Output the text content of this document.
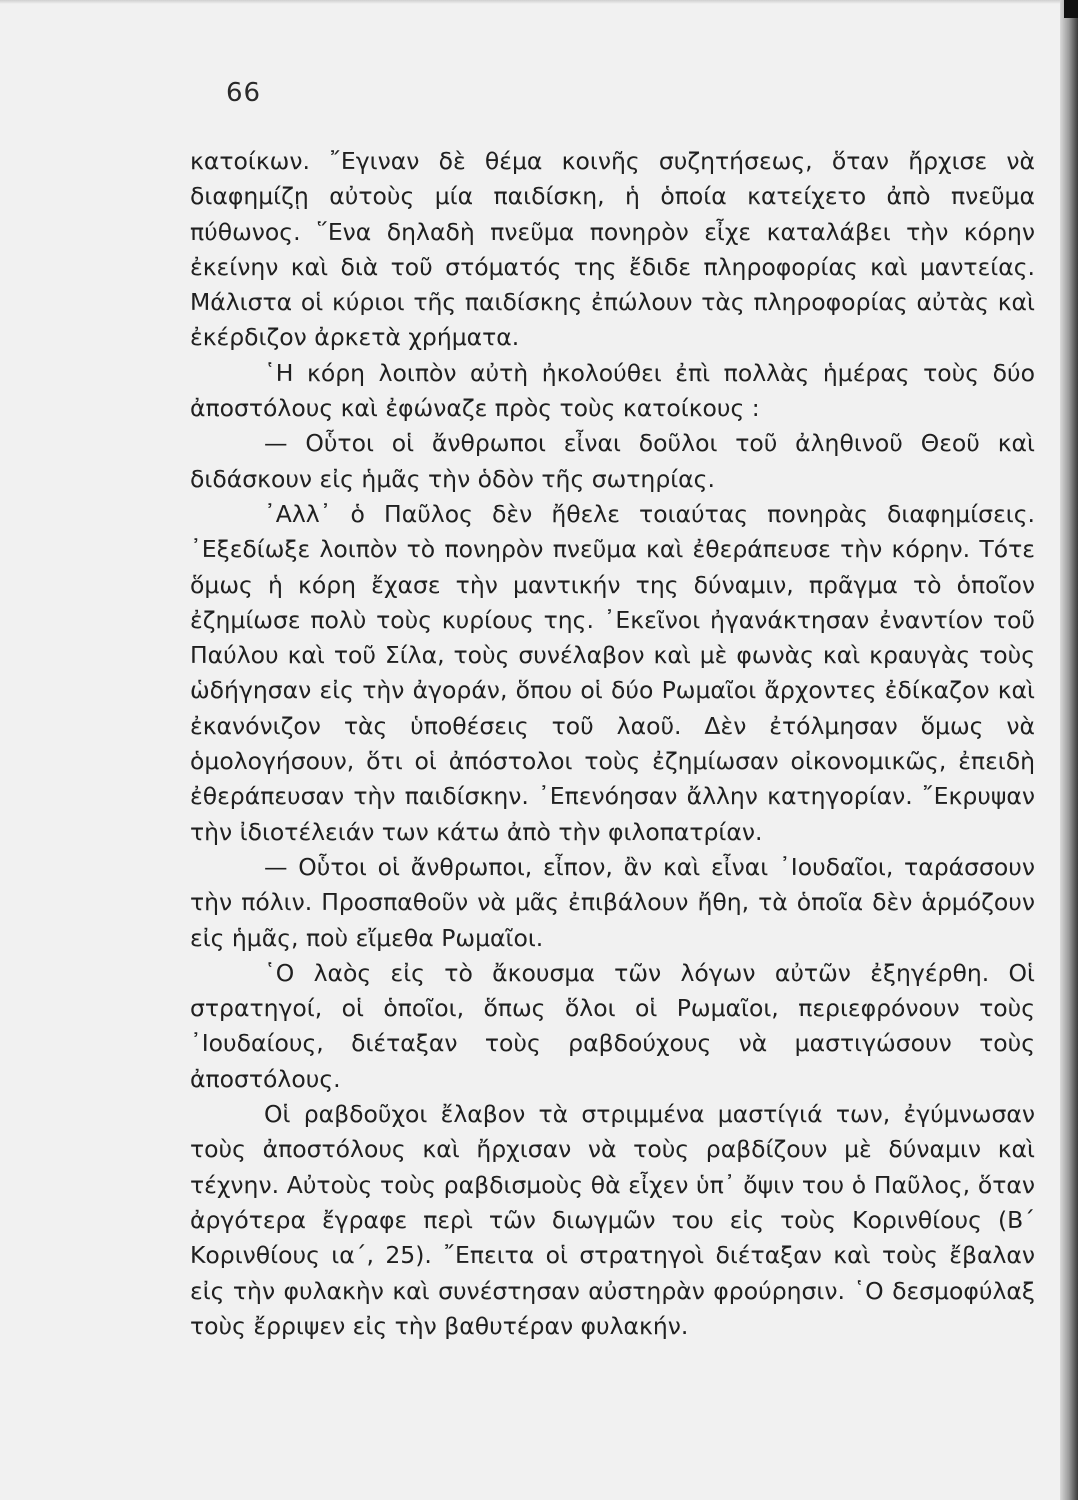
66

κατοίκων. ῎Εγιναν δὲ θέμα κοινῆς συζητήσεως, ὅταν ἤρχισε νὰ διαφημίζῃ αὐτοὺς μία παιδίσκη, ἡ ὁποία κατείχετο ἀπὸ πνεῦμα πύθωνος. ῞Ενα δηλαδὴ πνεῦμα πονηρὸν εἶχε καταλάβει τὴν κόρην ἐκείνην καὶ διὰ τοῦ στόματός της ἔδιδε πληροφορίας καὶ μαντείας. Μάλιστα οἱ κύριοι τῆς παιδίσκης ἐπώλουν τὰς πληροφορίας αὐτὰς καὶ ἐκέρδιζον ἀρκετὰ χρήματα.

῾Η κόρη λοιπὸν αὐτὴ ἠκολούθει ἐπὶ πολλὰς ἡμέρας τοὺς δύο ἀποστόλους καὶ ἐφώναζε πρὸς τοὺς κατοίκους :

— Οὗτοι οἱ ἄνθρωποι εἶναι δοῦλοι τοῦ ἀληθινοῦ Θεοῦ καὶ διδάσκουν εἰς ἡμᾶς τὴν ὁδὸν τῆς σωτηρίας.

᾿Αλλ᾿ ὁ Παῦλος δὲν ἤθελε τοιαύτας πονηρὰς διαφημίσεις. ᾿Εξεδίωξε λοιπὸν τὸ πονηρὸν πνεῦμα καὶ ἐθεράπευσε τὴν κόρην. Τότε ὅμως ἡ κόρη ἔχασε τὴν μαντικήν της δύναμιν, πρᾶγμα τὸ ὁποῖον ἐζημίωσε πολὺ τοὺς κυρίους της. ᾿Εκεῖνοι ἠγανάκτησαν ἐναντίον τοῦ Παύλου καὶ τοῦ Σίλα, τοὺς συνέλαβον καὶ μὲ φωνὰς καὶ κραυγὰς τοὺς ὡδήγησαν εἰς τὴν ἀγοράν, ὅπου οἱ δύο Ρωμαῖοι ἄρχοντες ἐδίκαζον καὶ ἐκανόνιζον τὰς ὑποθέσεις τοῦ λαοῦ. Δὲν ἐτόλμησαν ὅμως νὰ ὁμολογήσουν, ὅτι οἱ ἀπόστολοι τοὺς ἐζημίωσαν οἰκονομικῶς, ἐπειδὴ ἐθεράπευσαν τὴν παιδίσκην. ᾿Επενόησαν ἄλλην κατηγορίαν. ῎Εκρυψαν τὴν ἰδιοτέλειάν των κάτω ἀπὸ τὴν φιλοπατρίαν.

— Οὗτοι οἱ ἄνθρωποι, εἶπον, ἂν καὶ εἶναι ᾿Ιουδαῖοι, ταράσσουν τὴν πόλιν. Προσπαθοῦν νὰ μᾶς ἐπιβάλουν ἤθη, τὰ ὁποῖα δὲν ἁρμόζουν εἰς ἡμᾶς, ποὺ εἴμεθα Ρωμαῖοι.

῾Ο λαὸς εἰς τὸ ἄκουσμα τῶν λόγων αὐτῶν ἐξηγέρθη. Οἱ στρατηγοί, οἱ ὁποῖοι, ὅπως ὅλοι οἱ Ρωμαῖοι, περιεφρόνουν τοὺς ᾿Ιουδαίους, διέταξαν τοὺς ραβδούχους νὰ μαστιγώσουν τοὺς ἀποστόλους.

Οἱ ραβδοῦχοι ἔλαβον τὰ στριμμένα μαστίγιά των, ἐγύμνωσαν τοὺς ἀποστόλους καὶ ἤρχισαν νὰ τοὺς ραβδίζουν μὲ δύναμιν καὶ τέχνην. Αὐτοὺς τοὺς ραβδισμοὺς θὰ εἶχεν ὑπ᾿ ὄψιν του ὁ Παῦλος, ὅταν ἀργότερα ἔγραφε περὶ τῶν διωγμῶν του εἰς τοὺς Κορινθίους (Β΄ Κορινθίους ια΄, 25). ῎Επειτα οἱ στρατηγοὶ διέταξαν καὶ τοὺς ἔβαλαν εἰς τὴν φυλακὴν καὶ συνέστησαν αὐστηρὰν φρούρησιν. ῾Ο δεσμοφύλαξ τοὺς ἔρριψεν εἰς τὴν βαθυτέραν φυλακήν.
